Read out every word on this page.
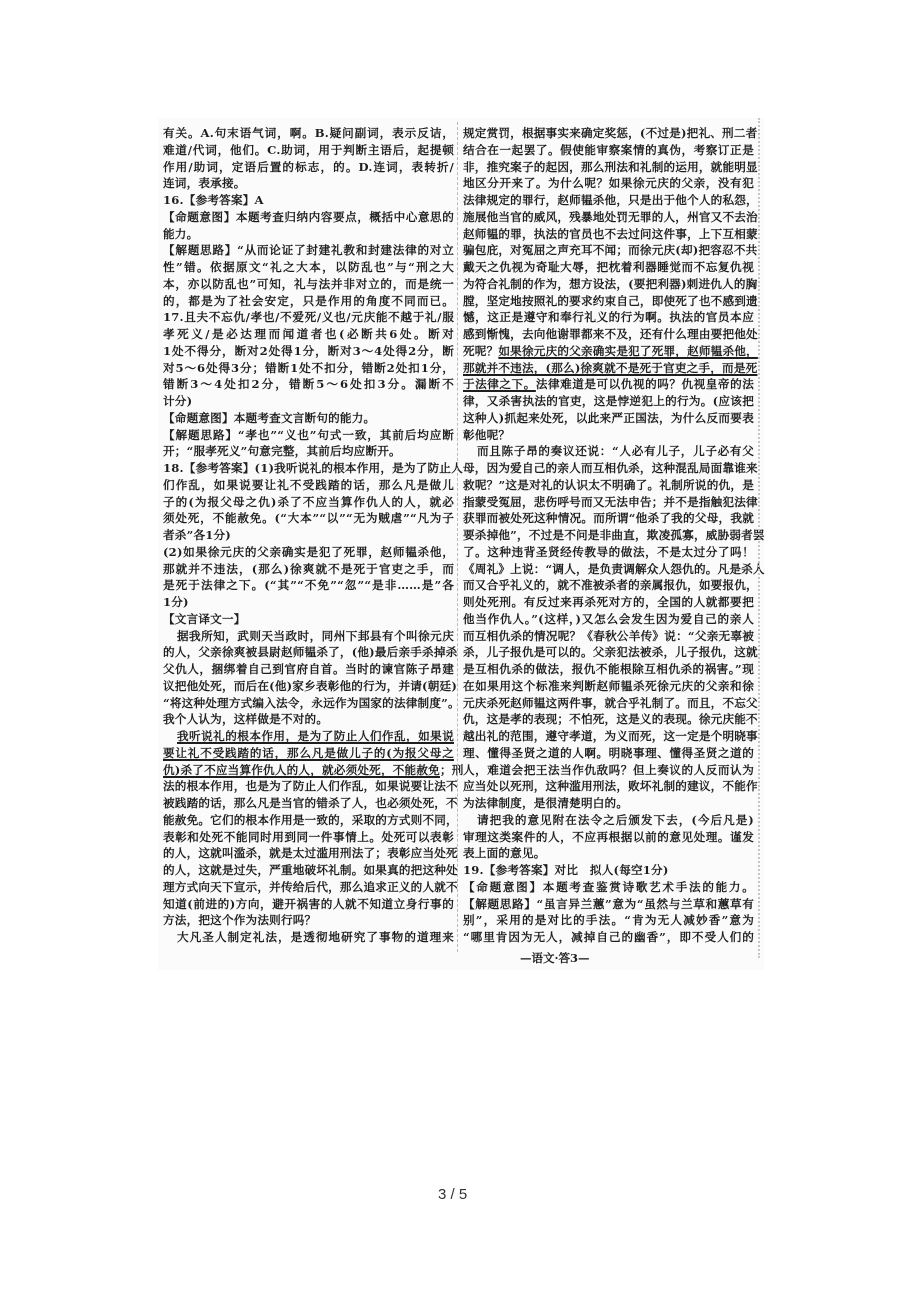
有关。A.句末语气词，啊。B.疑问副词，表示反诘，
难道/代词，他们。C.助词，用于判断主语后，起提顿
作用/助词，定语后置的标志，的。D.连词，表转折/
连词，表承接。
16.【参考答案】A
【命题意图】本题考查归纳内容要点，概括中心意思的
能力。
【解题思路】“从而论证了封建礼教和封建法律的对立
性”错。依据原文“礼之大本，以防乱也”与“刑之大
本，亦以防乱也”可知，礼与法并非对立的，而是统一
的，都是为了社会安定，只是作用的角度不同而已。
17.且夫不忘仇/孝也/不爱死/义也/元庆能不越于礼/服
孝死义/是必达理而闻道者也(必断共6处。断对
1处不得分，断对2处得1分，断对3～4处得2分，断
对5～6处得3分；错断1处不扣分，错断2处扣1分，
错断3～4处扣2分，错断5～6处扣3分。漏断不
计分)
【命题意图】本题考查文言断句的能力。
【解题思路】“孝也”“义也”句式一致，其前后均应断
开；“服孝死义”句意完整，其前后均应断开。
18.【参考答案】(1)我听说礼的根本作用，是为了防止人
们作乱，如果说要让礼不受践踏的话，那么凡是做儿
子的(为报父母之仇)杀了不应当算作仇人的人，就必
须处死，不能赦免。(“大本”“以”“无为贼虐”“凡为子
者杀”各1分)
(2)如果徐元庆的父亲确实是犯了死罪，赵师韫杀他，
那就并不违法，(那么)徐爽就不是死于官吏之手，而
是死于法律之下。(“其”“不免”“忽”“是非……是”各
1分)
【文言译文一】
据我所知，武则天当政时，同州下邽县有个叫徐元庆
的人，父亲徐爽被县尉赵师韫杀了，(他)最后亲手杀掉杀
父仇人，捆绑着自己到官府自首。当时的谏官陈子昂建
议把他处死，而后在(他)家乡表彰他的行为，并请(朝廷)
“将这种处理方式编入法令，永远作为国家的法律制度”。
我个人认为，这样做是不对的。
我听说礼的根本作用，是为了防止人们作乱，如果说
要让礼不受践踏的话，那么凡是做儿子的(为报父母之
仇)杀了不应当算作仇人的人，就必须处死，不能赦免；刑
法的根本作用，也是为了防止人们作乱，如果说要让法不
被践踏的话，那么凡是当官的错杀了人，也必须处死，不
能赦免。它们的根本作用是一致的，采取的方式则不同，
表彰和处死不能同时用到同一件事情上。处死可以表彰
的人，这就叫滥杀，就是太过滥用刑法了；表彰应当处死
的人，这就是过失，严重地破坏礼制。如果真的把这种处
理方式向天下宣示，并传给后代，那么追求正义的人就不
知道(前进的)方向，避开祸害的人就不知道立身行事的
方法，把这个作为法则行吗？
大凡圣人制定礼法，是透彻地研究了事物的道理来
规定赏罚，根据事实来确定奖惩，(不过是)把礼、刑二者
结合在一起罢了。假使能审察案情的真伪，考察订正是
非，推究案子的起因，那么刑法和礼制的运用，就能明显
地区分开来了。为什么呢？如果徐元庆的父亲，没有犯
法律规定的罪行，赵师韫杀他，只是出于他个人的私怨，
施展他当官的威风，残暴地处罚无罪的人，州官又不去治
赵师韫的罪，执法的官员也不去过问这件事，上下互相蒙
骗包庇，对冤屈之声充耳不闻；而徐元庆(却)把容忍不共
戴天之仇视为奇耻大辱，把枕着利器睡觉而不忘复仇视
为符合礼制的作为，想方设法，(要把利器)刺进仇人的胸
膛，坚定地按照礼的要求约束自己，即使死了也不感到遗
憾，这正是遵守和奉行礼义的行为啊。执法的官员本应
感到惭愧，去向他谢罪都来不及，还有什么理由要把他处
死呢？如果徐元庆的父亲确实是犯了死罪，赵师韫杀他，
那就并不违法，(那么)徐爽就不是死于官吏之手，而是死
于法律之下。法律难道是可以仇视的吗？仇视皇帝的法
律，又杀害执法的官吏，这是悖逆犯上的行为。(应该把
这种人)抓起来处死，以此来严正国法，为什么反而要表
彰他呢？
而且陈子昂的奏议还说：“人必有儿子，儿子必有父
母，因为爱自己的亲人而互相仇杀，这种混乱局面靠谁来
救呢？”这是对礼的认识太不明确了。礼制所说的仇，是
指蒙受冤屈，悲伤呼号而又无法申告；并不是指触犯法律
获罪而被处死这种情况。而所谓“他杀了我的父母，我就
要杀掉他”，不过是不问是非曲直，欺凌孤寡，威胁弱者罢
了。这种违背圣贤经传教导的做法，不是太过分了吗！
《周礼》上说：“调人，是负责调解众人怨仇的。凡是杀人
而又合乎礼义的，就不准被杀者的亲属报仇，如要报仇，
则处死刑。有反过来再杀死对方的，全国的人就都要把
他当作仇人。”(这样，)又怎么会发生因为爱自己的亲人
而互相仇杀的情况呢？《春秋公羊传》说：“父亲无辜被
杀，儿子报仇是可以的。父亲犯法被杀，儿子报仇，这就
是互相仇杀的做法，报仇不能根除互相仇杀的祸害。”现
在如果用这个标准来判断赵师韫杀死徐元庆的父亲和徐
元庆杀死赵师韫这两件事，就合乎礼制了。而且，不忘父
仇，这是孝的表现；不怕死，这是义的表现。徐元庆能不
越出礼的范围，遵守孝道，为义而死，这一定是个明晓事
理、懂得圣贤之道的人啊。明晓事理、懂得圣贤之道的
人，难道会把王法当作仇敌吗？但上奏议的人反而认为
应当处以死刑，这种滥用刑法，败坏礼制的建议，不能作
为法律制度，是很清楚明白的。
请把我的意见附在法令之后颁发下去，(今后凡是)
审理这类案件的人，不应再根据以前的意见处理。谨发
表上面的意见。
19.【参考答案】对比　拟人(每空1分)
【命题意图】本题考查鉴赏诗歌艺术手法的能力。
【解题思路】“虽言异兰蕙”意为“虽然与兰草和蕙草有
别”，采用的是对比的手法。“肯为无人减妙香”意为
“哪里肯因为无人，减掉自己的幽香”，即不受人们的
—语文·答3—
3 / 5
